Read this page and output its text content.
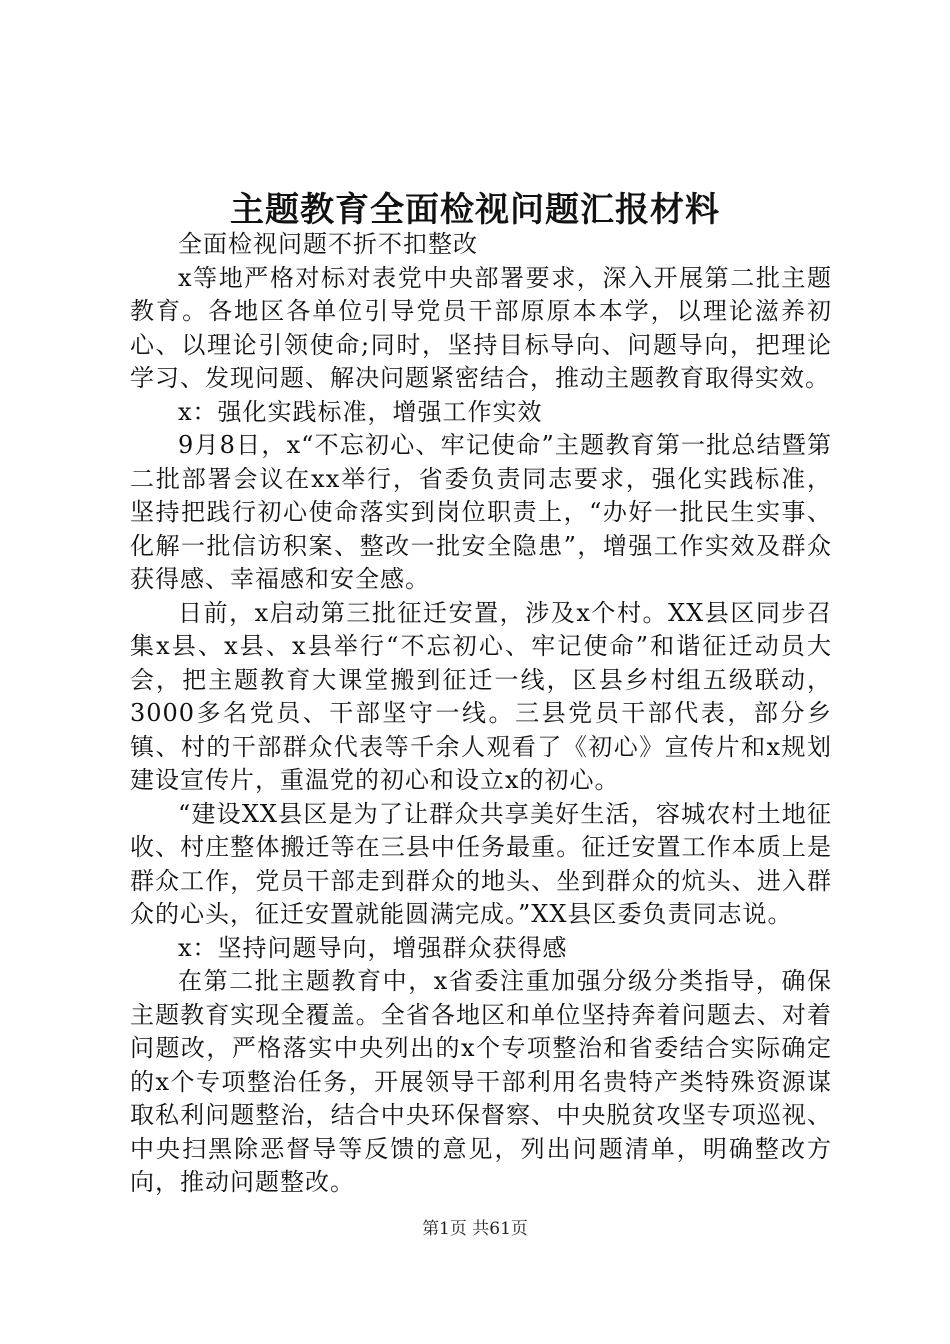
主题教育全面检视问题汇报材料

全面检视问题不折不扣整改

x等地严格对标对表党中央部署要求，深入开展第二批主题教育。各地区各单位引导党员干部原原本本学，以理论滋养初心、以理论引领使命;同时，坚持目标导向、问题导向，把理论学习、发现问题、解决问题紧密结合，推动主题教育取得实效。

x：强化实践标准，增强工作实效

9月8日，x“不忘初心、牢记使命”主题教育第一批总结暨第二批部署会议在xx举行，省委负责同志要求，强化实践标准，坚持把践行初心使命落实到岗位职责上，“办好一批民生实事、化解一批信访积案、整改一批安全隐患”，增强工作实效及群众获得感、幸福感和安全感。

日前，x启动第三批征迁安置，涉及x个村。XX县区同步召集x县、x县、x县举行“不忘初心、牢记使命”和谐征迁动员大会，把主题教育大课堂搬到征迁一线，区县乡村组五级联动，3000多名党员、干部坚守一线。三县党员干部代表，部分乡镇、村的干部群众代表等千余人观看了《初心》宣传片和x规划建设宣传片，重温党的初心和设立x的初心。

“建设XX县区是为了让群众共享美好生活，容城农村土地征收、村庄整体搬迁等在三县中任务最重。征迁安置工作本质上是群众工作，党员干部走到群众的地头、坐到群众的炕头、进入群众的心头，征迁安置就能圆满完成。”XX县区委负责同志说。

x：坚持问题导向，增强群众获得感

在第二批主题教育中，x省委注重加强分级分类指导，确保主题教育实现全覆盖。全省各地区和单位坚持奔着问题去、对着问题改，严格落实中央列出的x个专项整治和省委结合实际确定的x个专项整治任务，开展领导干部利用名贵特产类特殊资源谋取私利问题整治，结合中央环保督察、中央脱贫攻坚专项巡视、中央扫黑除恶督导等反馈的意见，列出问题清单，明确整改方向，推动问题整改。

第1页 共61页
